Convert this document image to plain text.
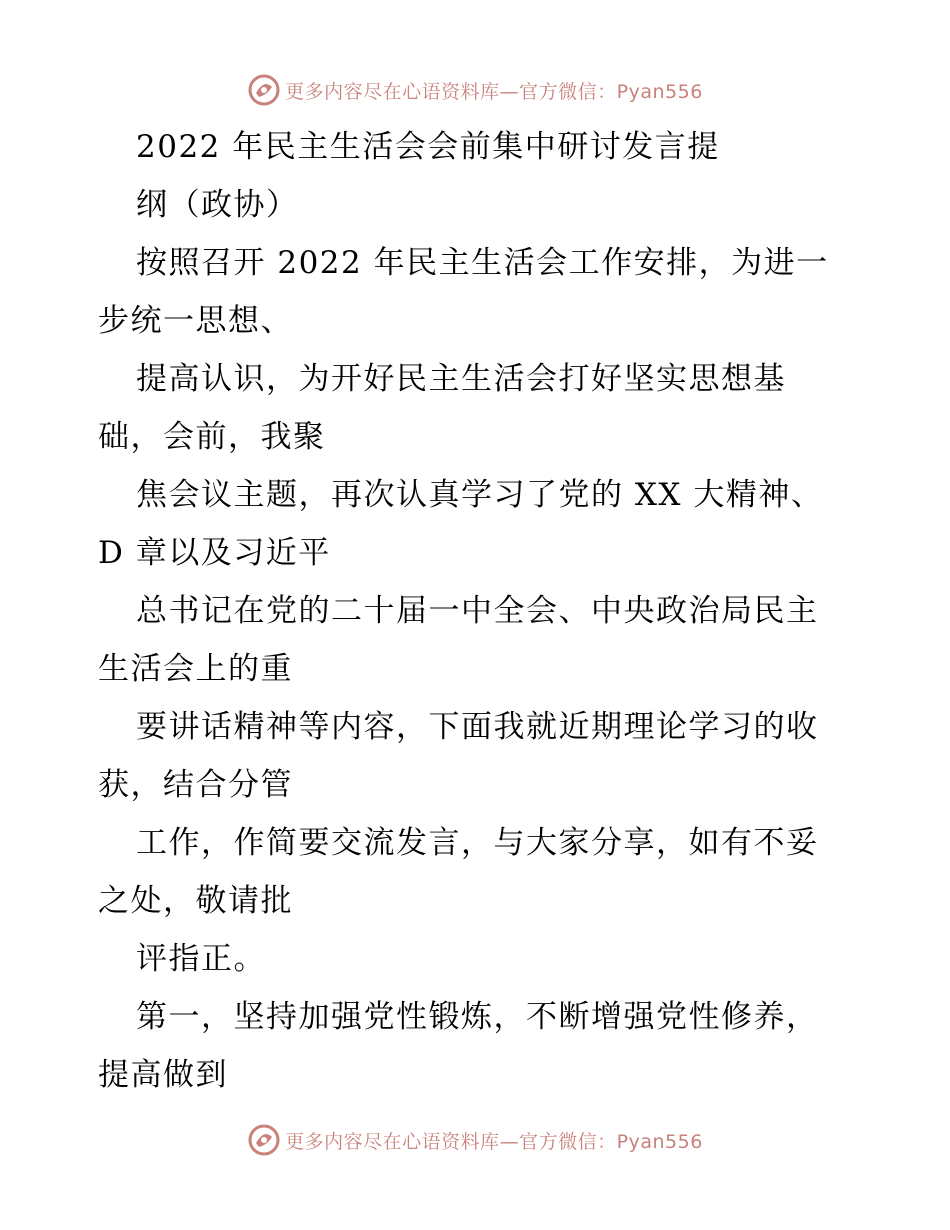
更多内容尽在心语资料库—官方微信：Pyan556
2022 年民主生活会会前集中研讨发言提
纲（政协）
按照召开 2022 年民主生活会工作安排，为进一
步统一思想、
提高认识，为开好民主生活会打好坚实思想基
础，会前，我聚
焦会议主题，再次认真学习了党的 XX 大精神、
D 章以及习近平
总书记在党的二十届一中全会、中央政治局民主
生活会上的重
要讲话精神等内容，下面我就近期理论学习的收
获，结合分管
工作，作简要交流发言，与大家分享，如有不妥
之处，敬请批
评指正。
第一，坚持加强党性锻炼，不断增强党性修养，
提高做到
更多内容尽在心语资料库—官方微信：Pyan556
